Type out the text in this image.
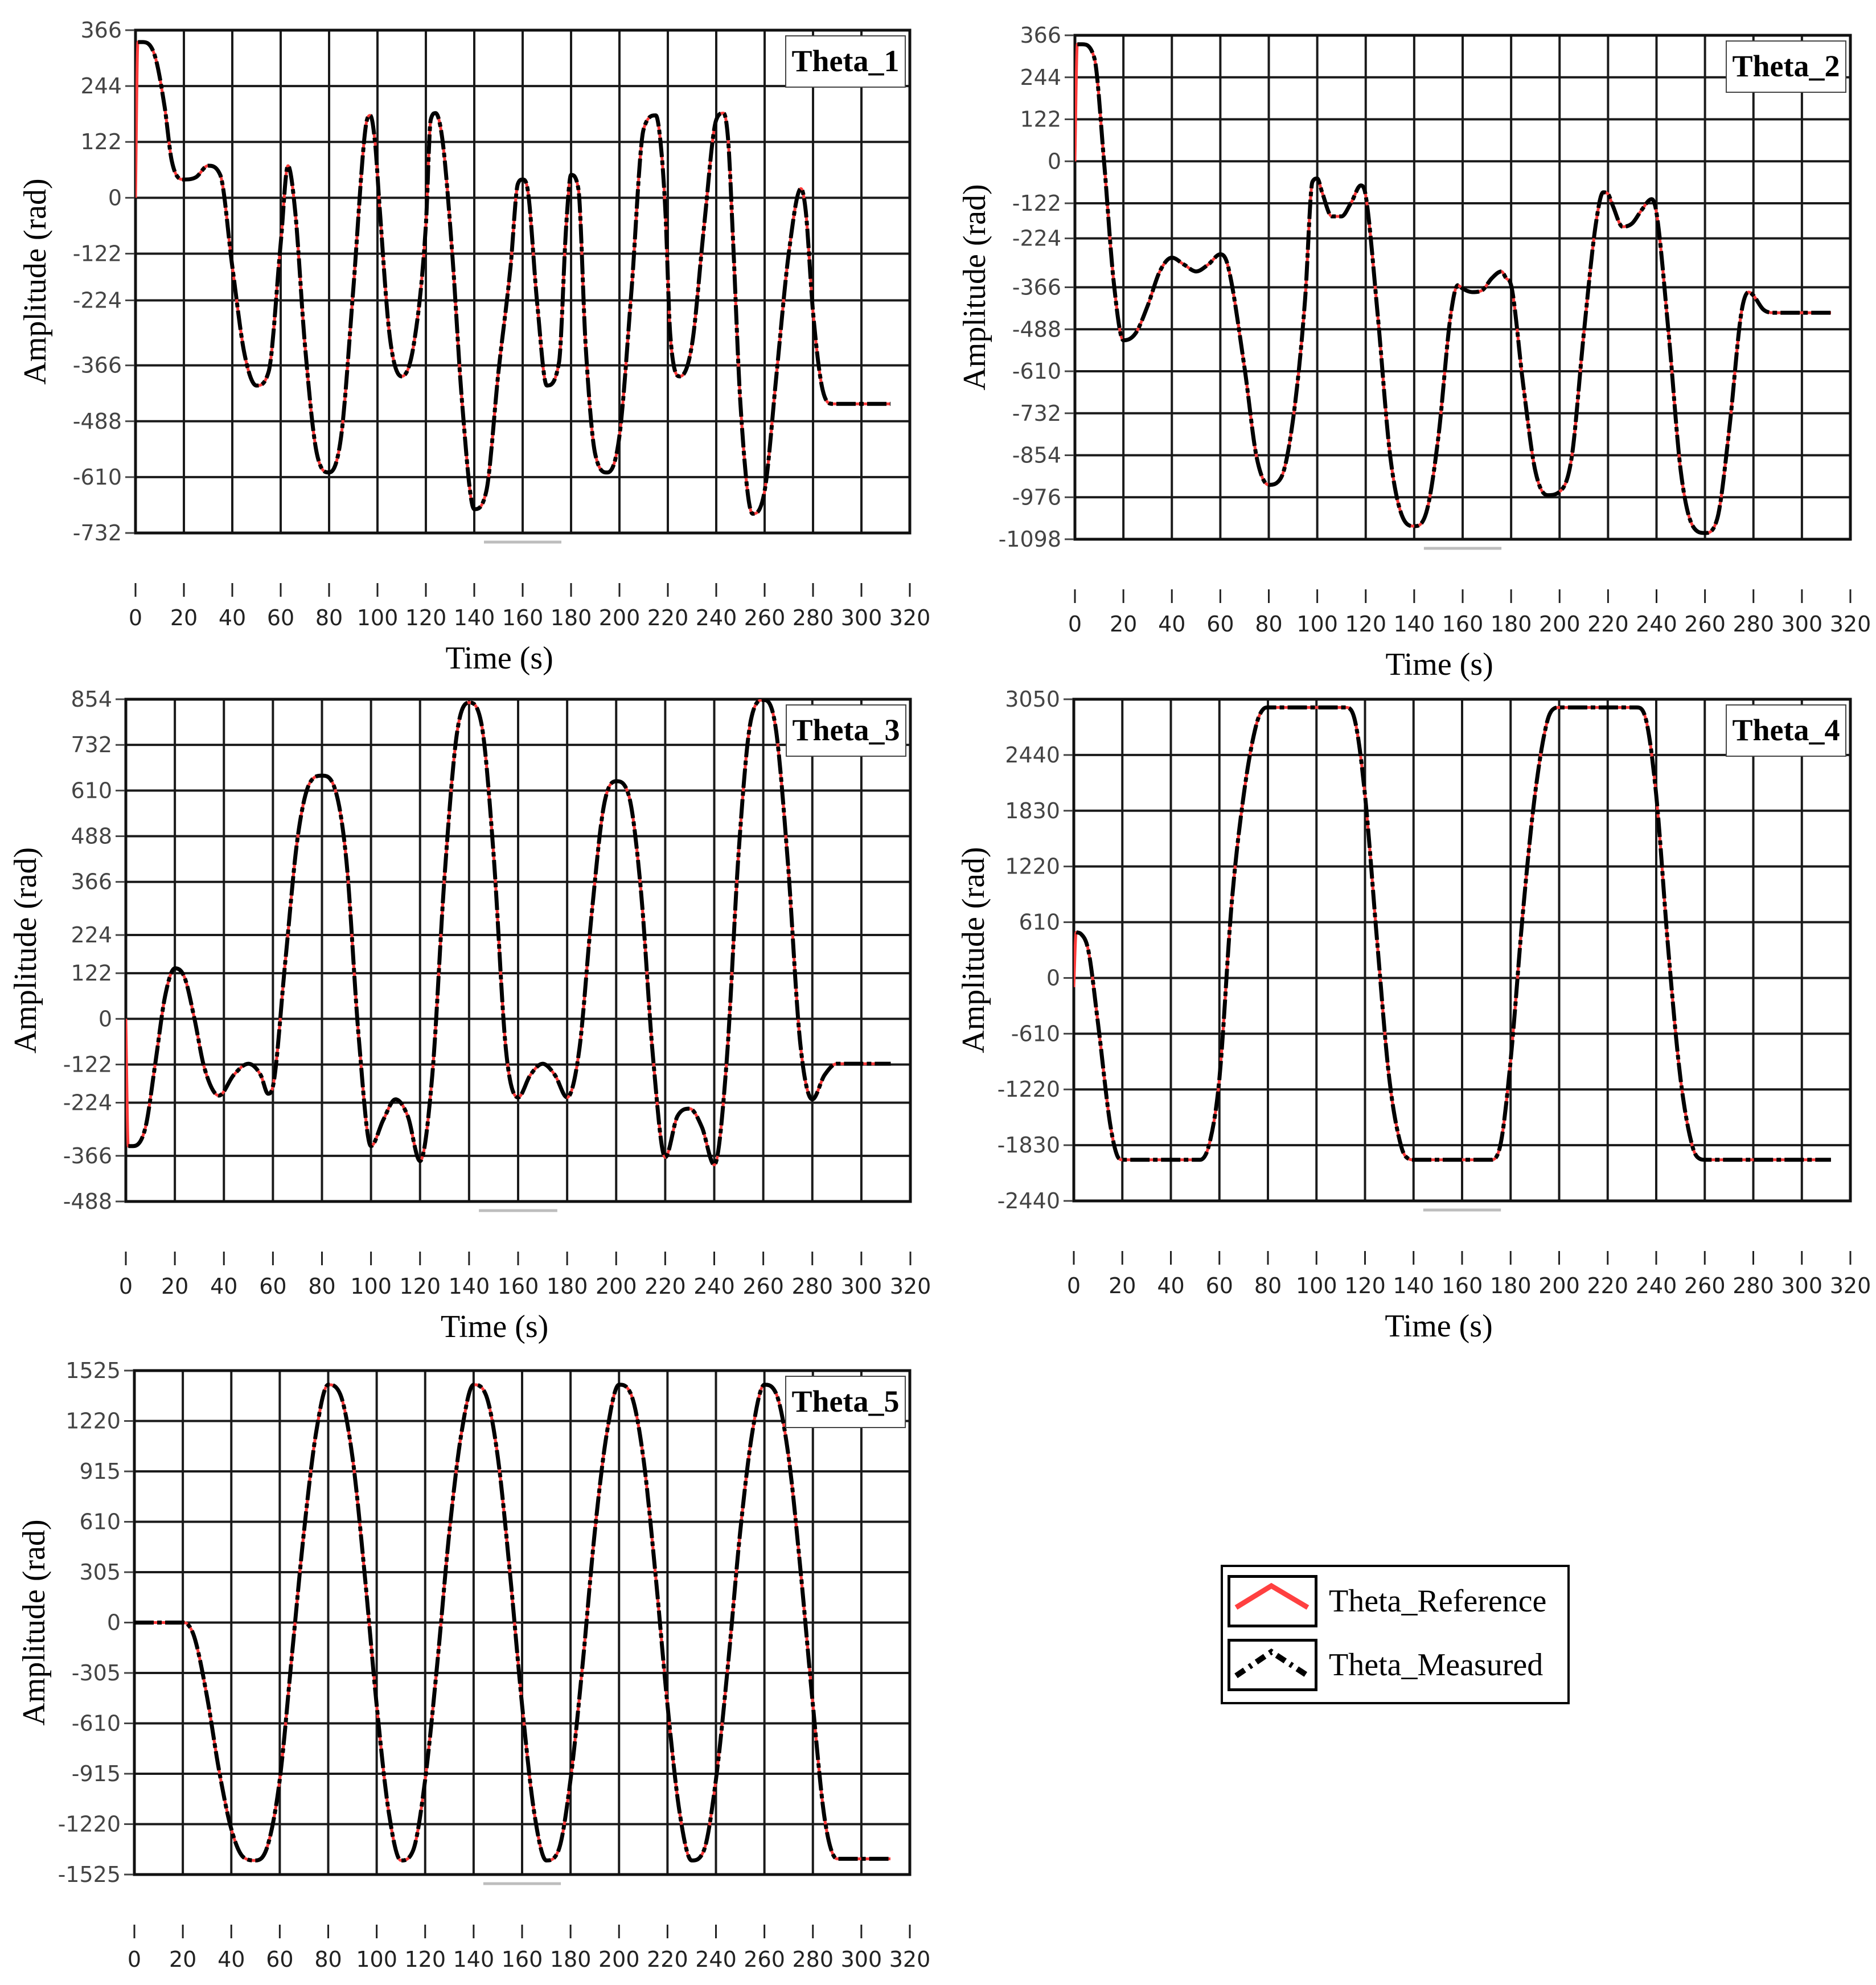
366
244
122
0
-122
-224
-366
-488
-610
-732
0 20 40 60 80 100 120 140 160 180 200 220 240 260 280 300 320
Time (s)
Amplitude (rad)
Theta_1
366
244
122
0
-122
-224
-366
-488
-610
-732
-854
-976
-1098
0 20 40 60 80 100 120 140 160 180 200 220 240 260 280 300 320
Time (s)
Amplitude (rad)
Theta_2
854
732
610
488
366
224
122
0
-122
-224
-366
-488
0 20 40 60 80 100 120 140 160 180 200 220 240 260 280 300 320
Time (s)
Amplitude (rad)
Theta_3
3050
2440
1830
1220
610
0
-610
-1220
-1830
-2440
0 20 40 60 80 100 120 140 160 180 200 220 240 260 280 300 320
Time (s)
Amplitude (rad)
Theta_4
1525
1220
915
610
305
0
-305
-610
-915
-1220
-1525
0 20 40 60 80 100 120 140 160 180 200 220 240 260 280 300 320
Amplitude (rad)
Theta_5
Theta_Reference
Theta_Measured
